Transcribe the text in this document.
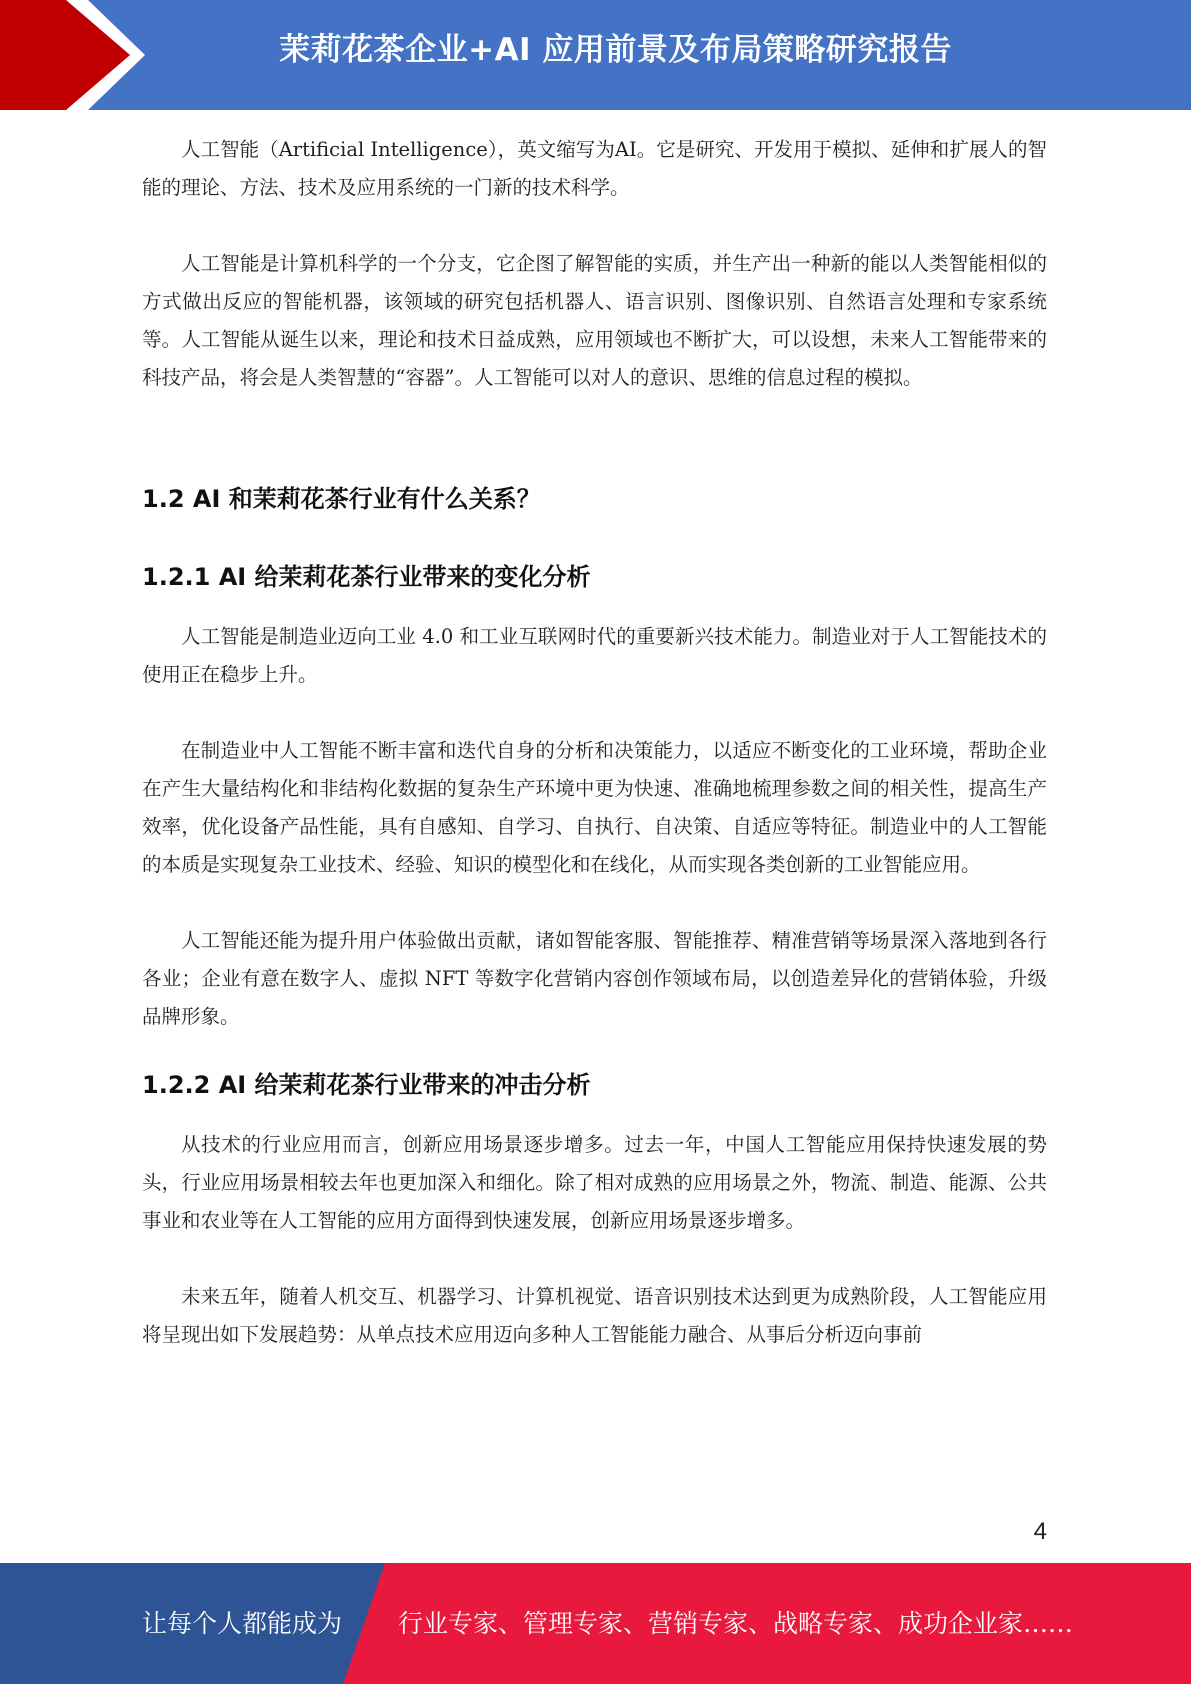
茉莉花茶企业+AI 应用前景及布局策略研究报告

人工智能（Artificial Intelligence），英文缩写为AI。它是研究、开发用于模拟、延伸和扩展人的智能的理论、方法、技术及应用系统的一门新的技术科学。

人工智能是计算机科学的一个分支，它企图了解智能的实质，并生产出一种新的能以人类智能相似的方式做出反应的智能机器，该领域的研究包括机器人、语言识别、图像识别、自然语言处理和专家系统等。人工智能从诞生以来，理论和技术日益成熟，应用领域也不断扩大，可以设想，未来人工智能带来的科技产品，将会是人类智慧的“容器”。人工智能可以对人的意识、思维的信息过程的模拟。

1.2 AI 和茉莉花茶行业有什么关系？
1.2.1 AI 给茉莉花茶行业带来的变化分析

人工智能是制造业迈向工业 4.0 和工业互联网时代的重要新兴技术能力。制造业对于人工智能技术的使用正在稳步上升。

在制造业中人工智能不断丰富和迭代自身的分析和决策能力，以适应不断变化的工业环境，帮助企业在产生大量结构化和非结构化数据的复杂生产环境中更为快速、准确地梳理参数之间的相关性，提高生产效率，优化设备产品性能，具有自感知、自学习、自执行、自决策、自适应等特征。制造业中的人工智能的本质是实现复杂工业技术、经验、知识的模型化和在线化，从而实现各类创新的工业智能应用。

人工智能还能为提升用户体验做出贡献，诸如智能客服、智能推荐、精准营销等场景深入落地到各行各业；企业有意在数字人、虚拟 NFT 等数字化营销内容创作领域布局，以创造差异化的营销体验，升级品牌形象。

1.2.2 AI 给茉莉花茶行业带来的冲击分析

从技术的行业应用而言，创新应用场景逐步增多。过去一年，中国人工智能应用保持快速发展的势头，行业应用场景相较去年也更加深入和细化。除了相对成熟的应用场景之外，物流、制造、能源、公共事业和农业等在人工智能的应用方面得到快速发展，创新应用场景逐步增多。

未来五年，随着人机交互、机器学习、计算机视觉、语音识别技术达到更为成熟阶段，人工智能应用将呈现出如下发展趋势：从单点技术应用迈向多种人工智能能力融合、从事后分析迈向事前

4
让每个人都能成为 行业专家、管理专家、营销专家、战略专家、成功企业家……
